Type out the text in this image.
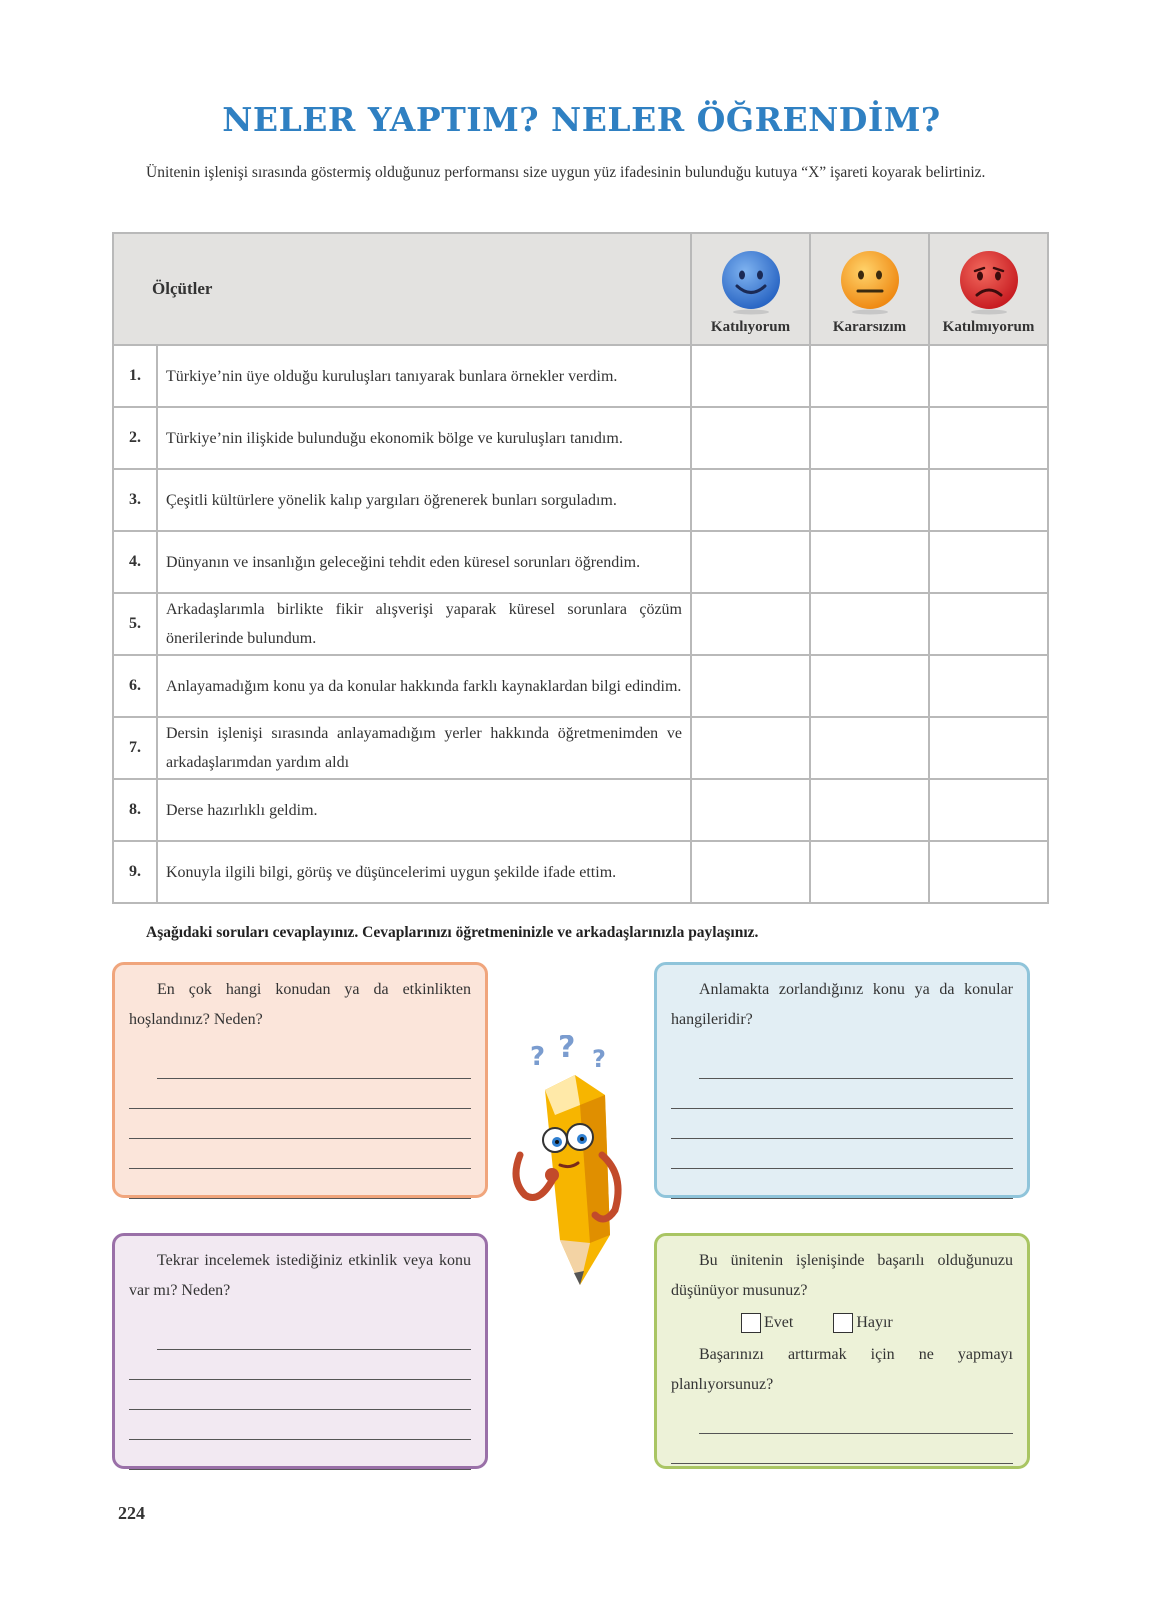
NELER YAPTIM? NELER ÖĞRENDİM?
Ünitenin işlenişi sırasında göstermiş olduğunuz performansı size uygun yüz ifadesinin bulunduğu kutuya “X” işareti koyarak belirtiniz.
Ölçütler		Katılıyorum	Kararsızım	Katılmıyorum

1.	Türkiye’nin üye olduğu kuruluşları tanıyarak bunlara örnekler verdim.			
2.	Türkiye’nin ilişkide bulunduğu ekonomik bölge ve kuruluşları tanıdım.			
3.	Çeşitli kültürlere yönelik kalıp yargıları öğrenerek bunları sorguladım.			
4.	Dünyanın ve insanlığın geleceğini tehdit eden küresel sorunları öğrendim.			
5.	Arkadaşlarımla birlikte fikir alışverişi yaparak küresel sorunlara çözüm önerilerinde bulundum.			
6.	Anlayamadığım konu ya da konular hakkında farklı kaynaklardan bilgi edindim.			
7.	Dersin işlenişi sırasında anlayamadığım yerler hakkında öğretmenimden ve arkadaşlarımdan yardım aldı			
8.	Derse hazırlıklı geldim.			
9.	Konuyla ilgili bilgi, görüş ve düşüncelerimi uygun şekilde ifade ettim.			
Aşağıdaki soruları cevaplayınız. Cevaplarınızı öğretmeninizle ve arkadaşlarınızla paylaşınız.

En çok hangi konudan ya da etkinlikten hoşlandınız? Neden?

Anlamakta zorlandığınız konu ya da konular hangileridir?

Tekrar incelemek istediğiniz etkinlik veya konu var mı? Neden?

Bu ünitenin işlenişinde başarılı olduğunuzu düşünüyor musunuz?

Evet	Hayır

Başarınızı arttırmak için ne yapmayı planlıyorsunuz?

? ? ?
224
